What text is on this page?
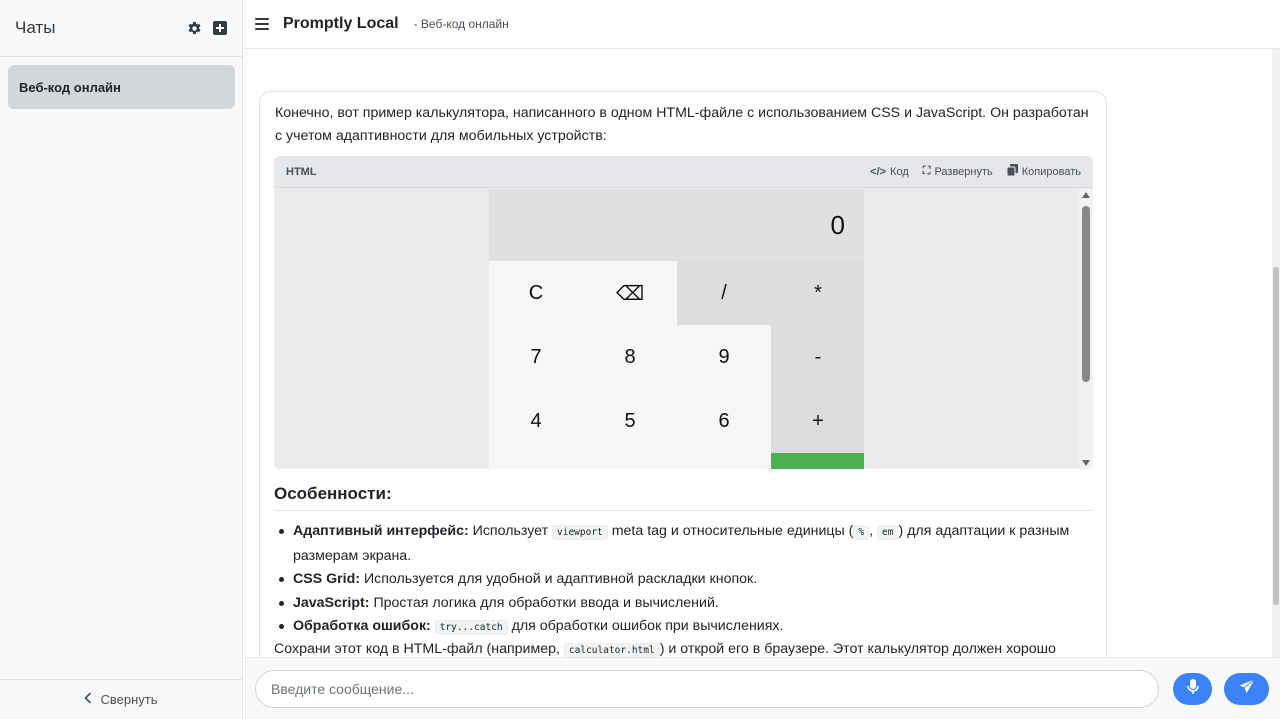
Чаты
Веб-код онлайн
Свернуть
Promptly Local - Веб-код онлайн

Конечно, вот пример калькулятора, написанного в одном HTML-файле с использованием CSS и JavaScript. Он разработан с учетом адаптивности для мобильных устройств:

HTML	</> Код ⛶ Развернуть	Копировать
0
C	⌫	/	*
7	8	9	-
4	5	6	+
Особенности:
Адаптивный интерфейс: Использует viewport meta tag и относительные единицы ( % , em ) для адаптации к разным размерам экрана.
CSS Grid: Используется для удобной и адаптивной раскладки кнопок.
JavaScript: Простая логика для обработки ввода и вычислений.
Обработка ошибок: try...catch для обработки ошибок при вычислениях.
Сохрани этот код в HTML-файл (например, calculator.html ) и открой его в браузере. Этот калькулятор должен хорошо
Введите сообщение...
